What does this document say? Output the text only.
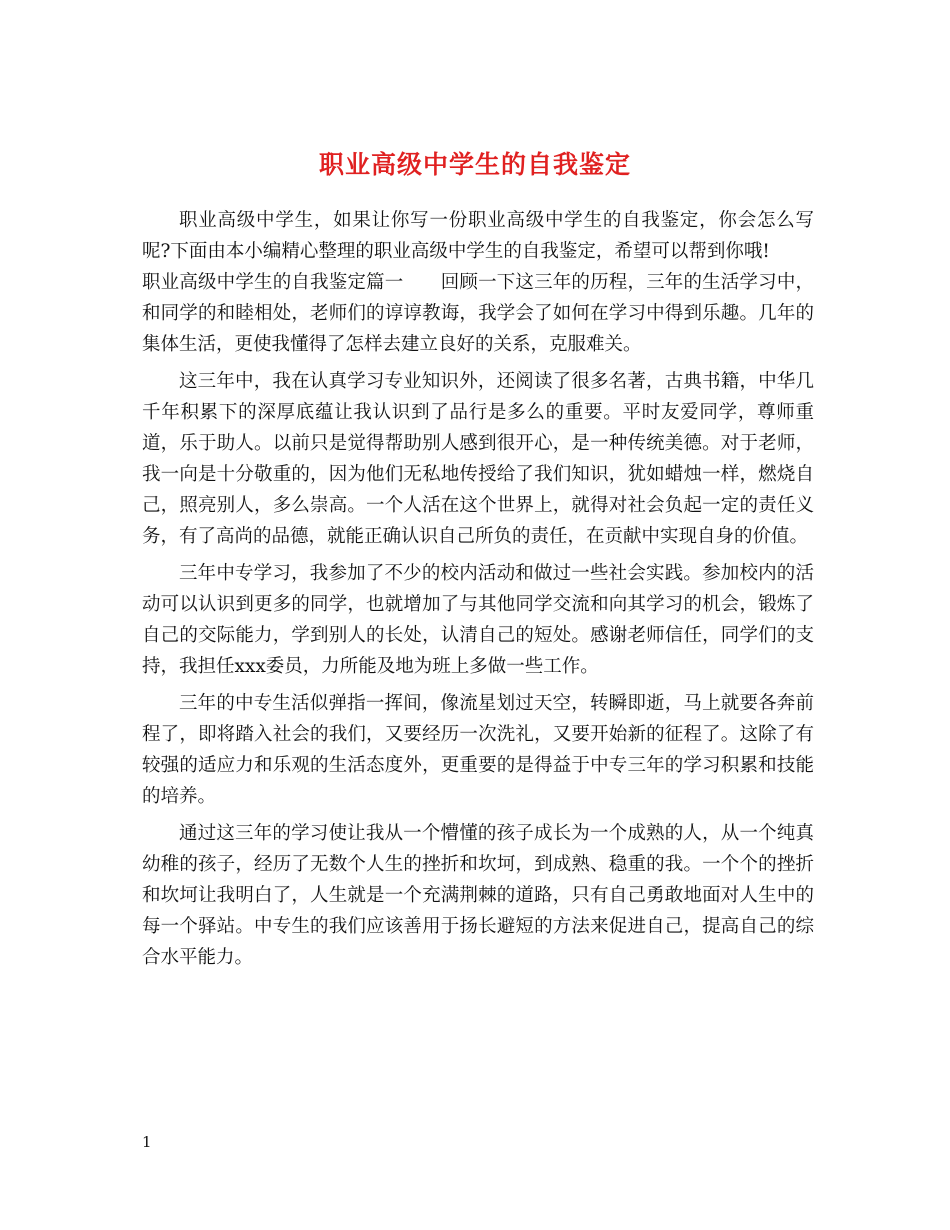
职业高级中学生的自我鉴定

职业高级中学生，如果让你写一份职业高级中学生的自我鉴定，你会怎么写呢?下面由本小编精心整理的职业高级中学生的自我鉴定，希望可以帮到你哦!

职业高级中学生的自我鉴定篇一　　回顾一下这三年的历程，三年的生活学习中，和同学的和睦相处，老师们的谆谆教诲，我学会了如何在学习中得到乐趣。几年的集体生活，更使我懂得了怎样去建立良好的关系，克服难关。

这三年中，我在认真学习专业知识外，还阅读了很多名著，古典书籍，中华几千年积累下的深厚底蕴让我认识到了品行是多么的重要。平时友爱同学，尊师重道，乐于助人。以前只是觉得帮助别人感到很开心，是一种传统美德。对于老师，我一向是十分敬重的，因为他们无私地传授给了我们知识，犹如蜡烛一样，燃烧自己，照亮别人，多么崇高。一个人活在这个世界上，就得对社会负起一定的责任义务，有了高尚的品德，就能正确认识自己所负的责任，在贡献中实现自身的价值。

三年中专学习，我参加了不少的校内活动和做过一些社会实践。参加校内的活动可以认识到更多的同学，也就增加了与其他同学交流和向其学习的机会，锻炼了自己的交际能力，学到别人的长处，认清自己的短处。感谢老师信任，同学们的支持，我担任xxx委员，力所能及地为班上多做一些工作。

三年的中专生活似弹指一挥间，像流星划过天空，转瞬即逝，马上就要各奔前程了，即将踏入社会的我们，又要经历一次洗礼，又要开始新的征程了。这除了有较强的适应力和乐观的生活态度外，更重要的是得益于中专三年的学习积累和技能的培养。

通过这三年的学习使让我从一个懵懂的孩子成长为一个成熟的人，从一个纯真幼稚的孩子，经历了无数个人生的挫折和坎坷，到成熟、稳重的我。一个个的挫折和坎坷让我明白了，人生就是一个充满荆棘的道路，只有自己勇敢地面对人生中的每一个驿站。中专生的我们应该善用于扬长避短的方法来促进自己，提高自己的综合水平能力。

1
